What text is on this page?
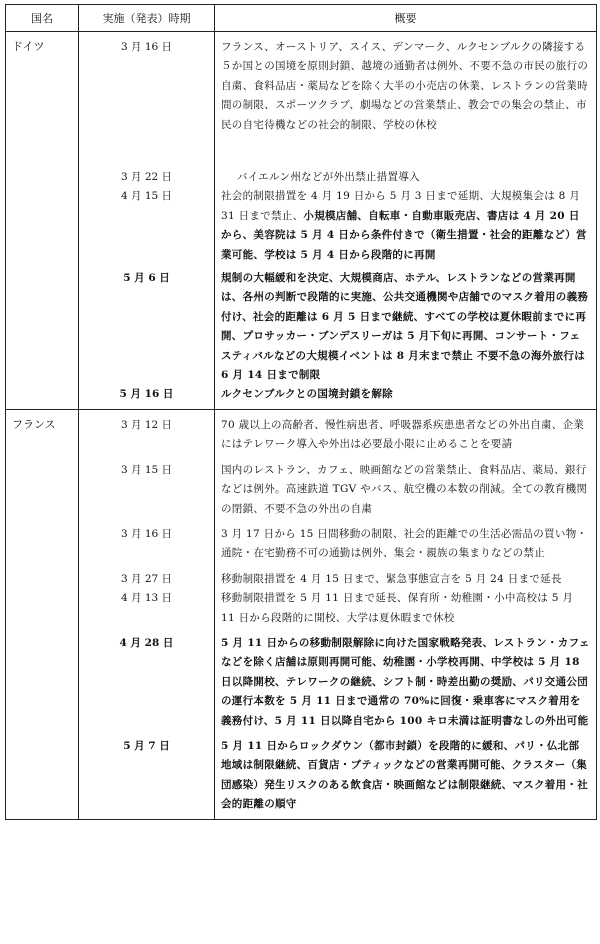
国名	実施（発表）時期	概要
ドイツ	3 月 16 日	フランス、オーストリア、スイス、デンマーク、ルクセンブルクの隣接する５か国との国境を原則封鎖、越境の通勤者は例外、不要不急の市民の旅行の自粛、食料品店・薬局などを除く大半の小売店の休業、レストランの営業時間の制限、スポーツクラブ、劇場などの営業禁止、教会での集会の禁止、市民の自宅待機などの社会的制限、学校の休校
	3 月 22 日	バイエルン州などが外出禁止措置導入
	4 月 15 日	社会的制限措置を 4 月 19 日から 5 月 3 日まで延期、大規模集会は 8 月 31 日まで禁止、小規模店舗、自転車・自動車販売店、書店は 4 月 20 日から、美容院は 5 月 4 日から条件付きで（衛生措置・社会的距離など）営業可能、学校は 5 月 4 日から段階的に再開
	5 月 6 日	規制の大幅緩和を決定、大規模商店、ホテル、レストランなどの営業再開は、各州の判断で段階的に実施、公共交通機関や店舗でのマスク着用の義務付け、社会的距離は 6 月 5 日まで継続、すべての学校は夏休暇前までに再開、プロサッカー・ブンデスリーガは 5 月下旬に再開、コンサート・フェスティバルなどの大規模イベントは 8 月末まで禁止 不要不急の海外旅行は 6 月 14 日まで制限
	5 月 16 日	ルクセンブルクとの国境封鎖を解除
フランス	3 月 12 日	70 歳以上の高齢者、慢性病患者、呼吸器系疾患患者などの外出自粛、企業にはテレワーク導入や外出は必要最小限に止めることを要請
	3 月 15 日	国内のレストラン、カフェ、映画館などの営業禁止、食料品店、薬局、銀行などは例外。高速鉄道 TGV やバス、航空機の本数の削減。全ての教育機関の閉鎖、不要不急の外出の自粛
	3 月 16 日	3 月 17 日から 15 日間移動の制限、社会的距離での生活必需品の買い物・通院・在宅勤務不可の通勤は例外、集会・親族の集まりなどの禁止
	3 月 27 日	移動制限措置を 4 月 15 日まで、緊急事態宣言を 5 月 24 日まで延長
	4 月 13 日	移動制限措置を 5 月 11 日まで延長、保育所・幼稚園・小中高校は 5 月 11 日から段階的に開校、大学は夏休暇まで休校
	4 月 28 日	5 月 11 日からの移動制限解除に向けた国家戦略発表、レストラン・カフェなどを除く店舗は原則再開可能、幼稚園・小学校再開、中学校は 5 月 18 日以降開校、テレワークの継続、シフト制・時差出勤の奨励、パリ交通公団の運行本数を 5 月 11 日まで通常の 70%に回復・乗車客にマスク着用を義務付け、5 月 11 日以降自宅から 100 キロ未満は証明書なしの外出可能
	5 月 7 日	5 月 11 日からロックダウン（都市封鎖）を段階的に緩和、パリ・仏北部地域は制限継続、百貨店・ブティックなどの営業再開可能、クラスター（集団感染）発生リスクのある飲食店・映画館などは制限継続、マスク着用・社会的距離の順守
